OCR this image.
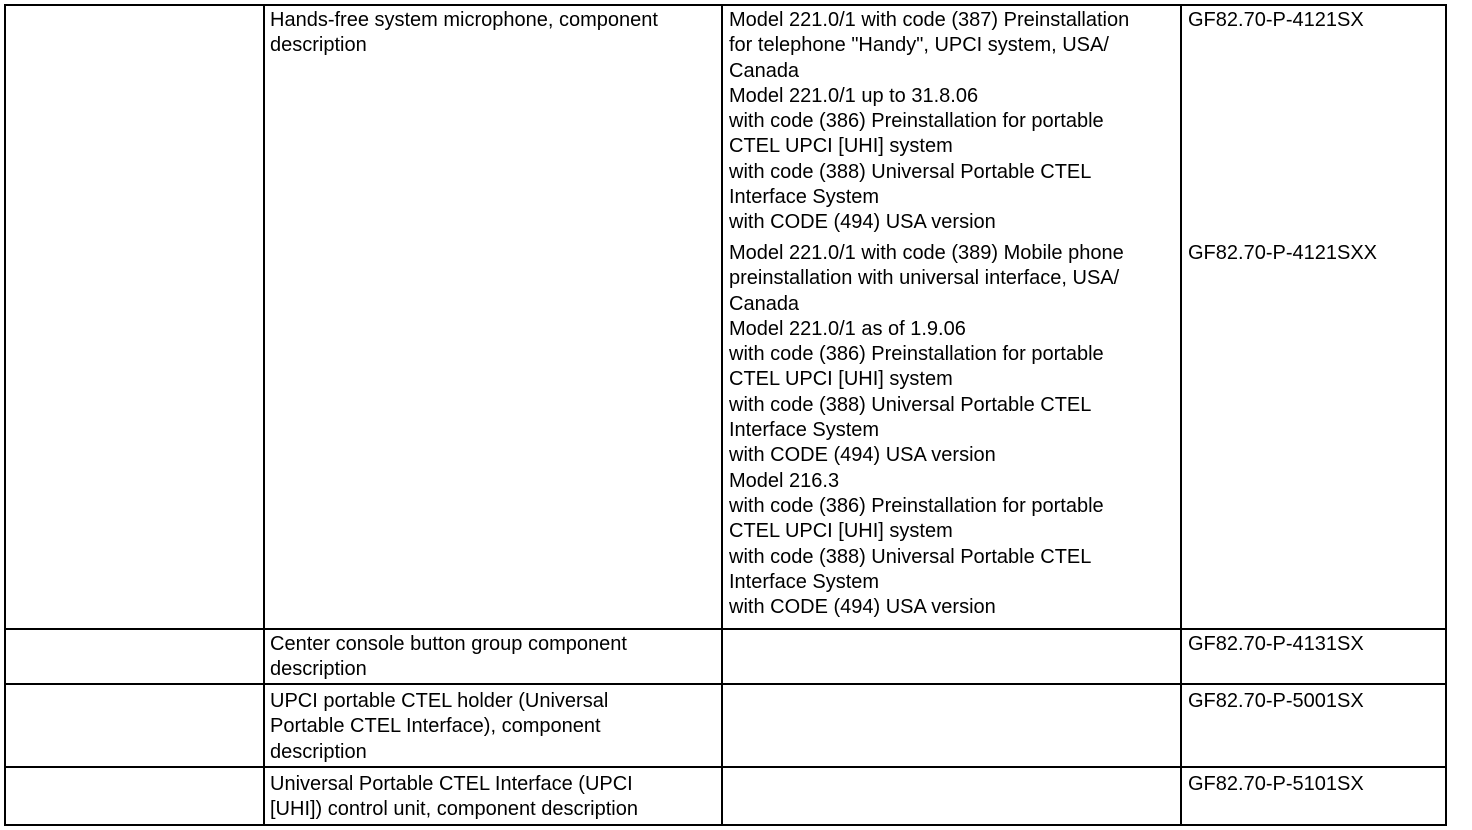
Hands-free system microphone, component
description
Model 221.0/1 with code (387) Preinstallation
for telephone "Handy", UPCI system, USA/
Canada
Model 221.0/1 up to 31.8.06
with code (386) Preinstallation for portable
CTEL UPCI [UHI] system
with code (388) Universal Portable CTEL
Interface System
with CODE (494) USA version
GF82.70-P-4121SX
Model 221.0/1 with code (389) Mobile phone
preinstallation with universal interface, USA/
Canada
Model 221.0/1 as of 1.9.06
with code (386) Preinstallation for portable
CTEL UPCI [UHI] system
with code (388) Universal Portable CTEL
Interface System
with CODE (494) USA version
Model 216.3
with code (386) Preinstallation for portable
CTEL UPCI [UHI] system
with code (388) Universal Portable CTEL
Interface System
with CODE (494) USA version
GF82.70-P-4121SXX
Center console button group component
description
GF82.70-P-4131SX
UPCI portable CTEL holder (Universal
Portable CTEL Interface), component
description
GF82.70-P-5001SX
Universal Portable CTEL Interface (UPCI
[UHI]) control unit, component description
GF82.70-P-5101SX
